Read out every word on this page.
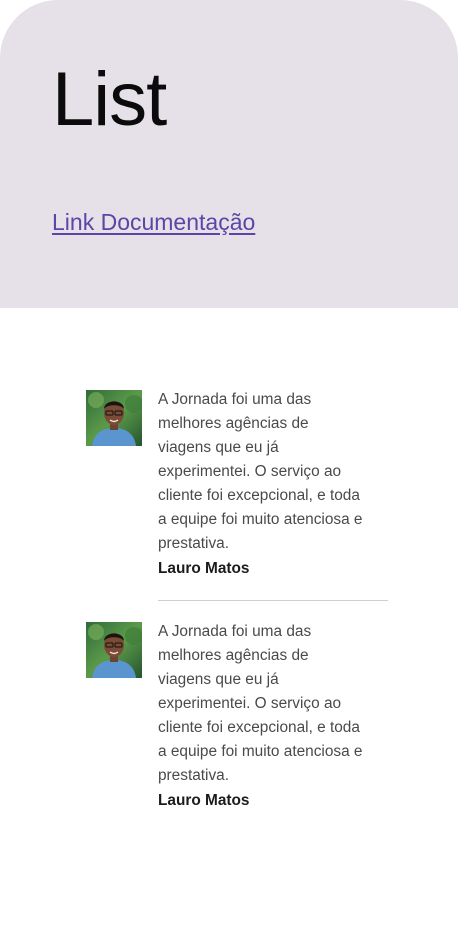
List
Link Documentação

A Jornada foi uma das melhores agências de viagens que eu já experimentei. O serviço ao cliente foi excepcional, e toda a equipe foi muito atenciosa e prestativa.

Lauro Matos

A Jornada foi uma das melhores agências de viagens que eu já experimentei. O serviço ao cliente foi excepcional, e toda a equipe foi muito atenciosa e prestativa.

Lauro Matos
